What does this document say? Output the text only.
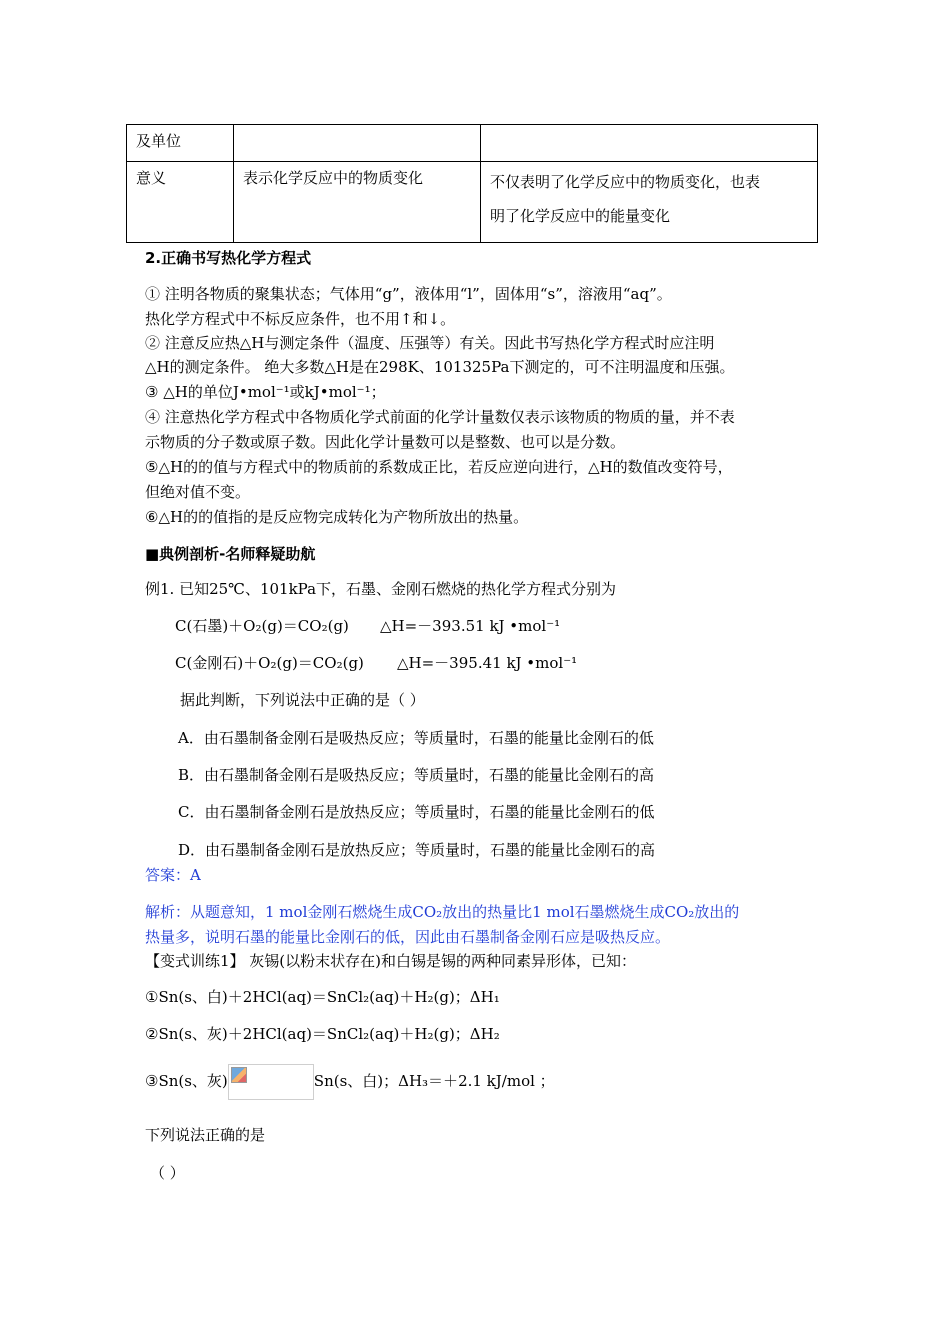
及单位		
意义	表示化学反应中的物质变化	不仅表明了化学反应中的物质变化，也表
明了化学反应中的能量变化
2.正确书写热化学方程式
① 注明各物质的聚集状态；气体用“g”，液体用“l”，固体用“s”，溶液用“aq”。
热化学方程式中不标反应条件，也不用↑和↓。
② 注意反应热△H与测定条件（温度、压强等）有关。因此书写热化学方程式时应注明
△H的测定条件。 绝大多数△H是在298K、101325Pa下测定的，可不注明温度和压强。
③ △H的单位J•mol⁻¹或kJ•mol⁻¹；
④ 注意热化学方程式中各物质化学式前面的化学计量数仅表示该物质的物质的量，并不表
示物质的分子数或原子数。因此化学计量数可以是整数、也可以是分数。
⑤△H的的值与方程式中的物质前的系数成正比，若反应逆向进行，△H的数值改变符号，
但绝对值不变。
⑥△H的的值指的是反应物完成转化为产物所放出的热量。
■典例剖析-名师释疑助航
例1. 已知25℃、101kPa下，石墨、金刚石燃烧的热化学方程式分别为
C(石墨)＋O₂(g)＝CO₂(g) △H=－393.51 kJ •mol⁻¹
C(金刚石)＋O₂(g)＝CO₂(g) △H=－395.41 kJ •mol⁻¹
据此判断，下列说法中正确的是（ ）
A．由石墨制备金刚石是吸热反应；等质量时，石墨的能量比金刚石的低
B．由石墨制备金刚石是吸热反应；等质量时，石墨的能量比金刚石的高
C．由石墨制备金刚石是放热反应；等质量时，石墨的能量比金刚石的低
D．由石墨制备金刚石是放热反应；等质量时，石墨的能量比金刚石的高
答案：A
解析：从题意知，1 mol金刚石燃烧生成CO₂放出的热量比1 mol石墨燃烧生成CO₂放出的
热量多，说明石墨的能量比金刚石的低，因此由石墨制备金刚石应是吸热反应。
【变式训练1】 灰锡(以粉末状存在)和白锡是锡的两种同素异形体，已知：
①Sn(s、白)＋2HCl(aq)＝SnCl₂(aq)＋H₂(g)；ΔH₁
②Sn(s、灰)＋2HCl(aq)＝SnCl₂(aq)＋H₂(g)；ΔH₂
③Sn(s、灰)	Sn(s、白)；ΔH₃＝＋2.1 kJ/mol ；
下列说法正确的是
（ ）
